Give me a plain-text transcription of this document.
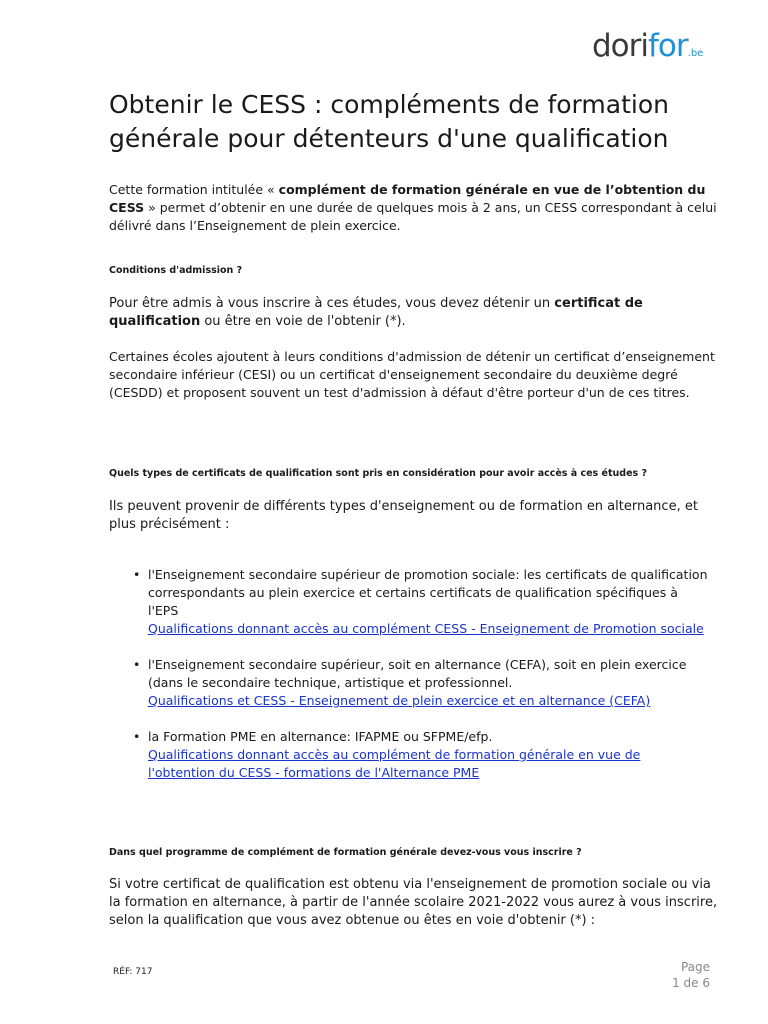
dorifor.be
Obtenir le CESS : compléments de formation générale pour détenteurs d'une qualification

Cette formation intitulée « complément de formation générale en vue de l’obtention du CESS » permet d’obtenir en une durée de quelques mois à 2 ans, un CESS correspondant à celui délivré dans l’Enseignement de plein exercice.

Conditions d'admission ?

Pour être admis à vous inscrire à ces études, vous devez détenir un certificat de qualification ou être en voie de l'obtenir (*).

Certaines écoles ajoutent à leurs conditions d'admission de détenir un certificat d’enseignement secondaire inférieur (CESI) ou un certificat d'enseignement secondaire du deuxième degré (CESDD) et proposent souvent un test d'admission à défaut d'être porteur d'un de ces titres.

Quels types de certificats de qualification sont pris en considération pour avoir accès à ces études ?

Ils peuvent provenir de différents types d'enseignement ou de formation en alternance, et plus précisément :

• l'Enseignement secondaire supérieur de promotion sociale: les certificats de qualification correspondants au plein exercice et certains certificats de qualification spécifiques à l'EPS
Qualifications donnant accès au complément CESS - Enseignement de Promotion sociale
• l'Enseignement secondaire supérieur, soit en alternance (CEFA), soit en plein exercice (dans le secondaire technique, artistique et professionnel.
Qualifications et CESS - Enseignement de plein exercice et en alternance (CEFA)
• la Formation PME en alternance: IFAPME ou SFPME/efp.
Qualifications donnant accès au complément de formation générale en vue de l'obtention du CESS - formations de l'Alternance PME
Dans quel programme de complément de formation générale devez-vous vous inscrire ?

Si votre certificat de qualification est obtenu via l'enseignement de promotion sociale ou via la formation en alternance, à partir de l'année scolaire 2021-2022 vous aurez à vous inscrire, selon la qualification que vous avez obtenue ou êtes en voie d'obtenir (*) :

RÉF: 717	Page
1 de 6
